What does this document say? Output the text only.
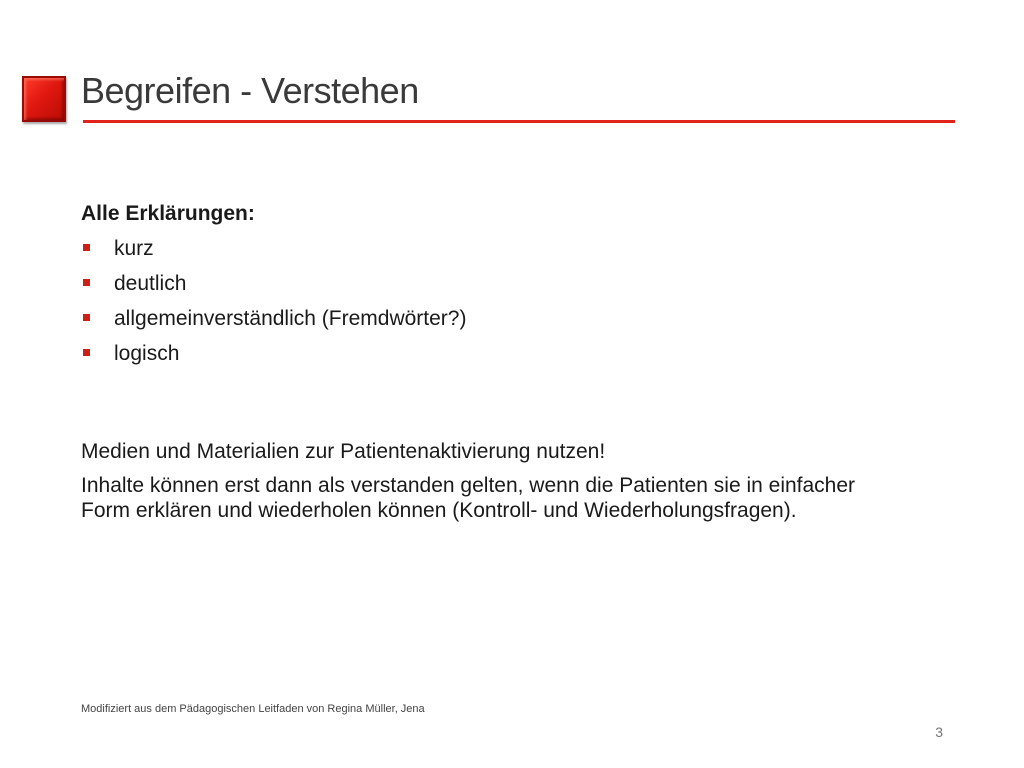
Begreifen - Verstehen

Alle Erklärungen:

kurz
deutlich
allgemeinverständlich (Fremdwörter?)
logisch

Medien und Materialien zur Patientenaktivierung nutzen!

Inhalte können erst dann als verstanden gelten, wenn die Patienten sie in einfacher Form erklären und wiederholen können (Kontroll- und Wiederholungsfragen).

Modifiziert aus dem Pädagogischen Leitfaden von Regina Müller, Jena
3
